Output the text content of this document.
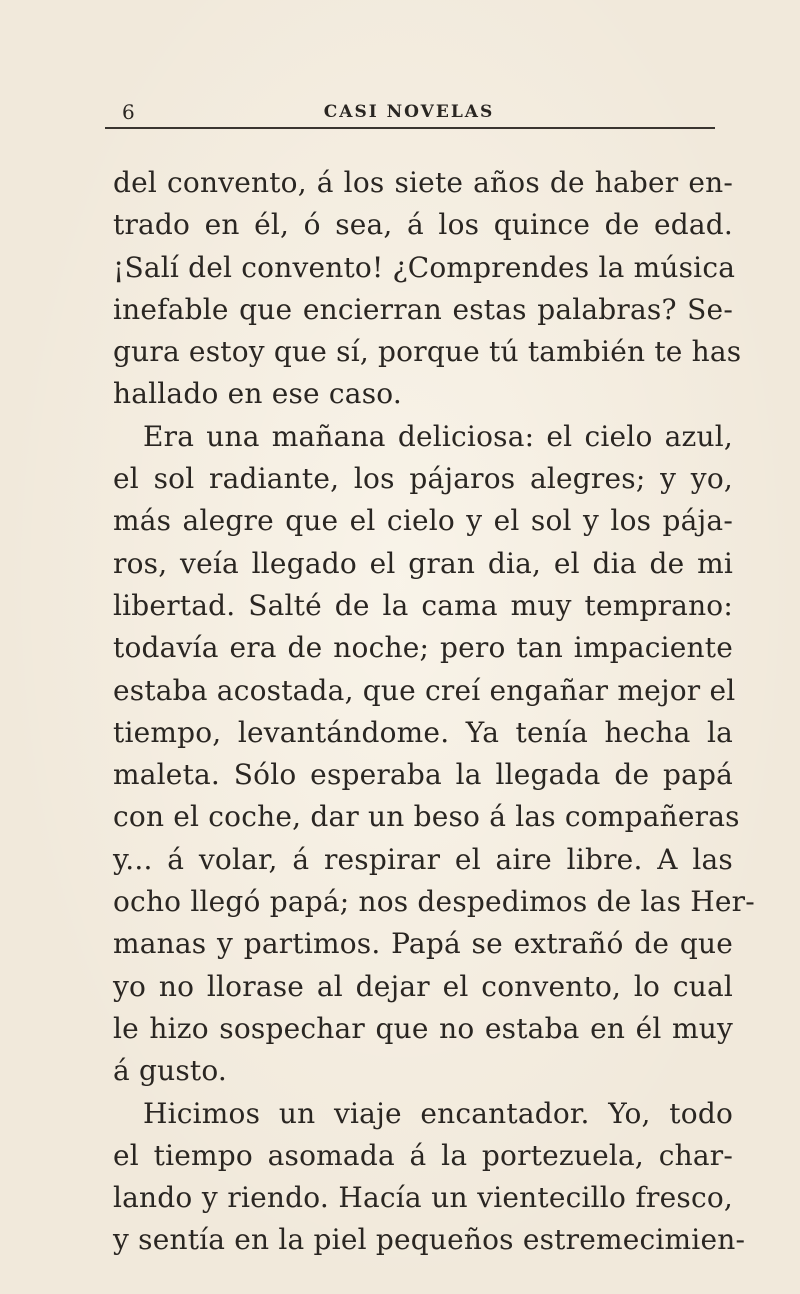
6	CASI NOVELAS
del convento, á los siete años de haber en-
trado en él, ó sea, á los quince de edad.
¡Salí del convento! ¿Comprendes la música
inefable que encierran estas palabras? Se-
gura estoy que sí, porque tú también te has
hallado en ese caso.
Era una mañana deliciosa: el cielo azul,
el sol radiante, los pájaros alegres; y yo,
más alegre que el cielo y el sol y los pája-
ros, veía llegado el gran dia, el dia de mi
libertad. Salté de la cama muy temprano:
todavía era de noche; pero tan impaciente
estaba acostada, que creí engañar mejor el
tiempo, levantándome. Ya tenía hecha la
maleta. Sólo esperaba la llegada de papá
con el coche, dar un beso á las compañeras
y... á volar, á respirar el aire libre. A las
ocho llegó papá; nos despedimos de las Her-
manas y partimos. Papá se extrañó de que
yo no llorase al dejar el convento, lo cual
le hizo sospechar que no estaba en él muy
á gusto.
Hicimos un viaje encantador. Yo, todo
el tiempo asomada á la portezuela, char-
lando y riendo. Hacía un vientecillo fresco,
y sentía en la piel pequeños estremecimien-
